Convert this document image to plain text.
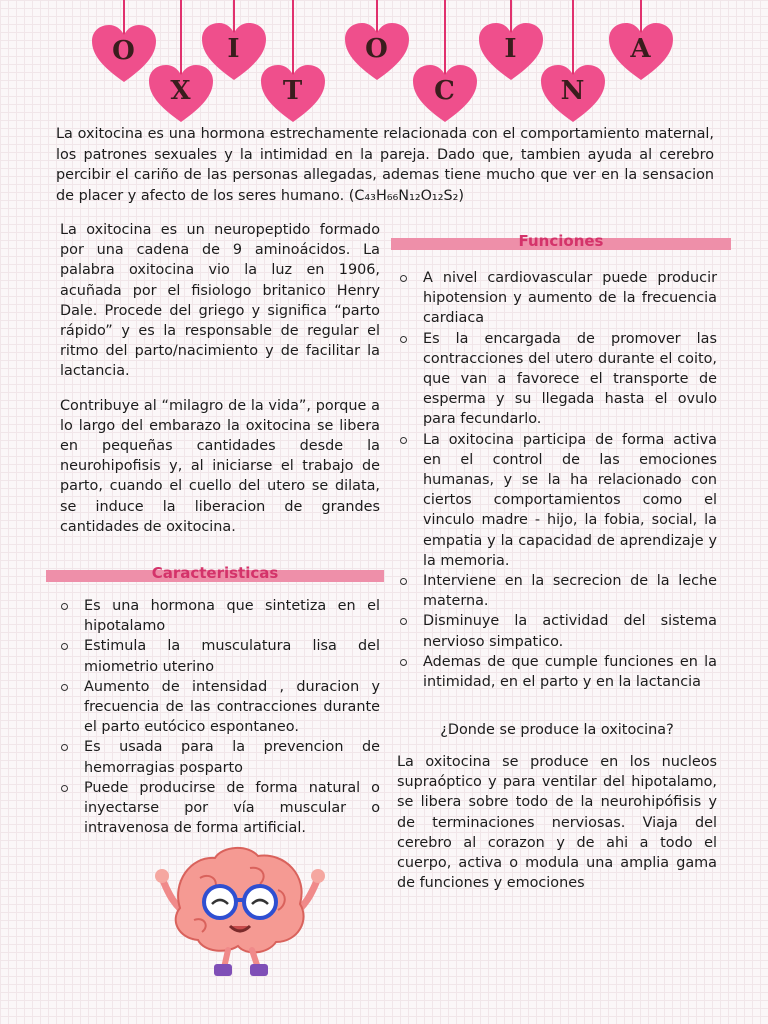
O
X
I
T
O
C
I
N
A

La oxitocina es una hormona estrechamente relacionada con el comportamiento maternal, los patrones sexuales y la intimidad en la pareja. Dado que, tambien ayuda al cerebro percibir el cariño de las personas allegadas, ademas tiene mucho que ver en la sensacion de placer y afecto de los seres humano. (C₄₃H₆₆N₁₂O₁₂S₂)

La oxitocina es un neuropeptido formado por una cadena de 9 aminoácidos. La palabra oxitocina vio la luz en 1906, acuñada por el fisiologo britanico Henry Dale. Procede del griego y significa “parto rápido” y es la responsable de regular el ritmo del parto/nacimiento y de facilitar la lactancia.

Contribuye al “milagro de la vida”, porque a lo largo del embarazo la oxitocina se libera en pequeñas cantidades desde la neurohipofisis y, al iniciarse el trabajo de parto, cuando el cuello del utero se dilata, se induce la liberacion de grandes cantidades de oxitocina.

Caracteristicas
Es una hormona que sintetiza en el hipotalamo
Estimula la musculatura lisa del miometrio uterino
Aumento de intensidad , duracion y frecuencia de las contracciones durante el parto eutócico espontaneo.
Es usada para la prevencion de hemorragias posparto
Puede producirse de forma natural o inyectarse por vía muscular o intravenosa de forma artificial.
Funciones
A nivel cardiovascular puede producir hipotension y aumento de la frecuencia cardiaca
Es la encargada de promover las contracciones del utero durante el coito, que van a favorece el transporte de esperma y su llegada hasta el ovulo para fecundarlo.
La oxitocina participa de forma activa en el control de las emociones humanas, y se la ha relacionado con ciertos comportamientos como el vinculo madre - hijo, la fobia, social, la empatia y la capacidad de aprendizaje y la memoria.
Interviene en la secrecion de la leche materna.
Disminuye la actividad del sistema nervioso simpatico.
Ademas de que cumple funciones en la intimidad, en el parto y en la lactancia

¿Donde se produce la oxitocina?

La oxitocina se produce en los nucleos supraóptico y para ventilar del hipotalamo, se libera sobre todo de la neurohipófisis y de terminaciones nerviosas. Viaja del cerebro al corazon y de ahi a todo el cuerpo, activa o modula una amplia gama de funciones y emociones
